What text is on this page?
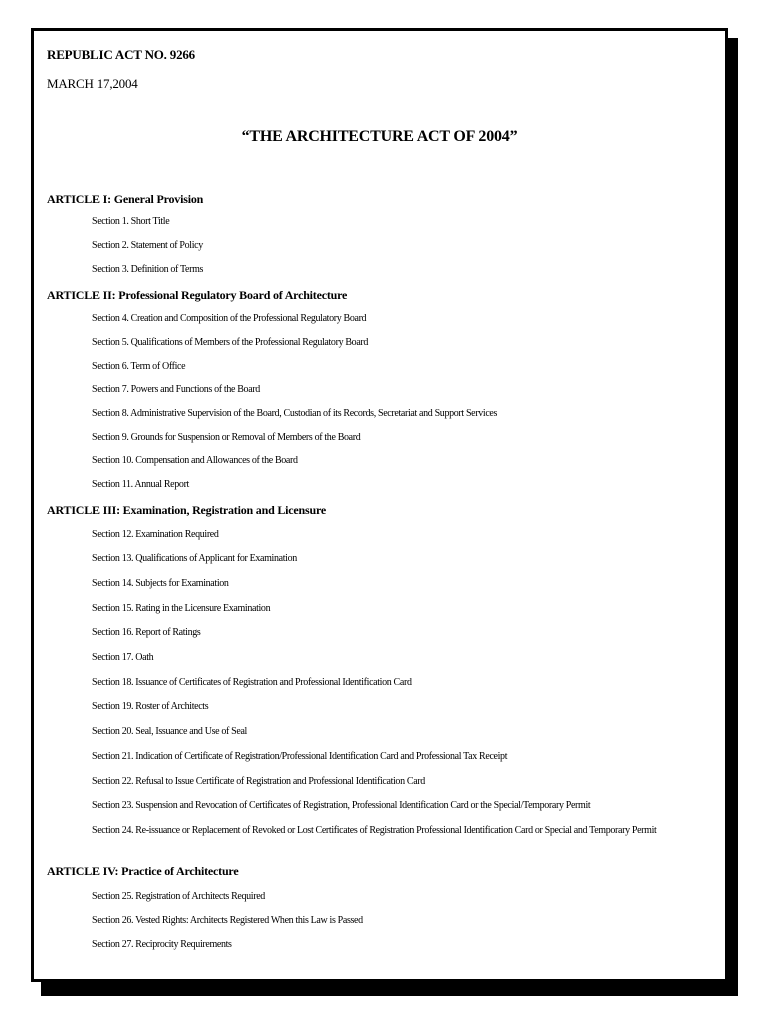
REPUBLIC ACT NO. 9266
MARCH 17,2004
“THE ARCHITECTURE ACT OF 2004”
ARTICLE I: General Provision
Section 1. Short Title
Section 2. Statement of Policy
Section 3. Definition of Terms
ARTICLE II: Professional Regulatory Board of Architecture
Section 4. Creation and Composition of the Professional Regulatory Board
Section 5. Qualifications of Members of the Professional Regulatory Board
Section 6. Term of Office
Section 7. Powers and Functions of the Board
Section 8. Administrative Supervision of the Board, Custodian of its Records, Secretariat and Support Services
Section 9. Grounds for Suspension or Removal of Members of the Board
Section 10. Compensation and Allowances of the Board
Section 11. Annual Report
ARTICLE III: Examination, Registration and Licensure
Section 12. Examination Required
Section 13. Qualifications of Applicant for Examination
Section 14. Subjects for Examination
Section 15. Rating in the Licensure Examination
Section 16. Report of Ratings
Section 17. Oath
Section 18. Issuance of Certificates of Registration and Professional Identification Card
Section 19. Roster of Architects
Section 20. Seal, Issuance and Use of Seal
Section 21. Indication of Certificate of Registration/Professional Identification Card and Professional Tax Receipt
Section 22. Refusal to Issue Certificate of Registration and Professional Identification Card
Section 23. Suspension and Revocation of Certificates of Registration, Professional Identification Card or the Special/Temporary Permit
Section 24. Re-issuance or Replacement of Revoked or Lost Certificates of Registration Professional Identification Card or Special and Temporary Permit
ARTICLE IV: Practice of Architecture
Section 25. Registration of Architects Required
Section 26. Vested Rights: Architects Registered When this Law is Passed
Section 27. Reciprocity Requirements
